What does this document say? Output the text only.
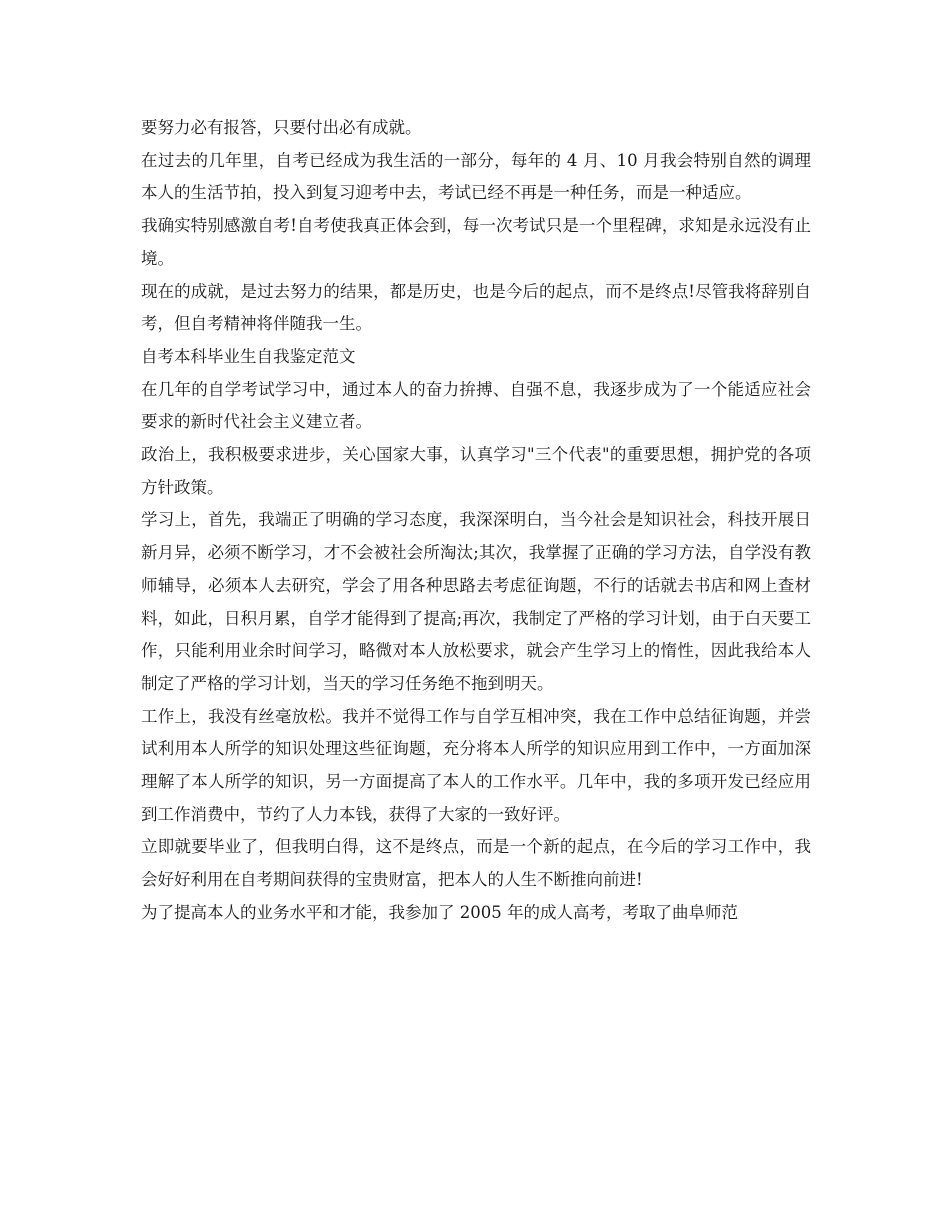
要努力必有报答，只要付出必有成就。

在过去的几年里，自考已经成为我生活的一部分，每年的 4 月、10 月我会特别自然的调理本人的生活节拍，投入到复习迎考中去，考试已经不再是一种任务，而是一种适应。

我确实特别感激自考!自考使我真正体会到，每一次考试只是一个里程碑，求知是永远没有止境。

现在的成就，是过去努力的结果，都是历史，也是今后的起点，而不是终点!尽管我将辞别自考，但自考精神将伴随我一生。

自考本科毕业生自我鉴定范文

在几年的自学考试学习中，通过本人的奋力拚搏、自强不息，我逐步成为了一个能适应社会要求的新时代社会主义建立者。

政治上，我积极要求进步，关心国家大事，认真学习"三个代表"的重要思想，拥护党的各项方针政策。

学习上，首先，我端正了明确的学习态度，我深深明白，当今社会是知识社会，科技开展日新月异，必须不断学习，才不会被社会所淘汰;其次，我掌握了正确的学习方法，自学没有教师辅导，必须本人去研究，学会了用各种思路去考虑征询题，不行的话就去书店和网上查材料，如此，日积月累，自学才能得到了提高;再次，我制定了严格的学习计划，由于白天要工作，只能利用业余时间学习，略微对本人放松要求，就会产生学习上的惰性，因此我给本人制定了严格的学习计划，当天的学习任务绝不拖到明天。

工作上，我没有丝毫放松。我并不觉得工作与自学互相冲突，我在工作中总结征询题，并尝试利用本人所学的知识处理这些征询题，充分将本人所学的知识应用到工作中，一方面加深理解了本人所学的知识，另一方面提高了本人的工作水平。几年中，我的多项开发已经应用到工作消费中，节约了人力本钱，获得了大家的一致好评。

立即就要毕业了，但我明白得，这不是终点，而是一个新的起点，在今后的学习工作中，我会好好利用在自考期间获得的宝贵财富，把本人的人生不断推向前进!

为了提高本人的业务水平和才能，我参加了 2005 年的成人高考，考取了曲阜师范
